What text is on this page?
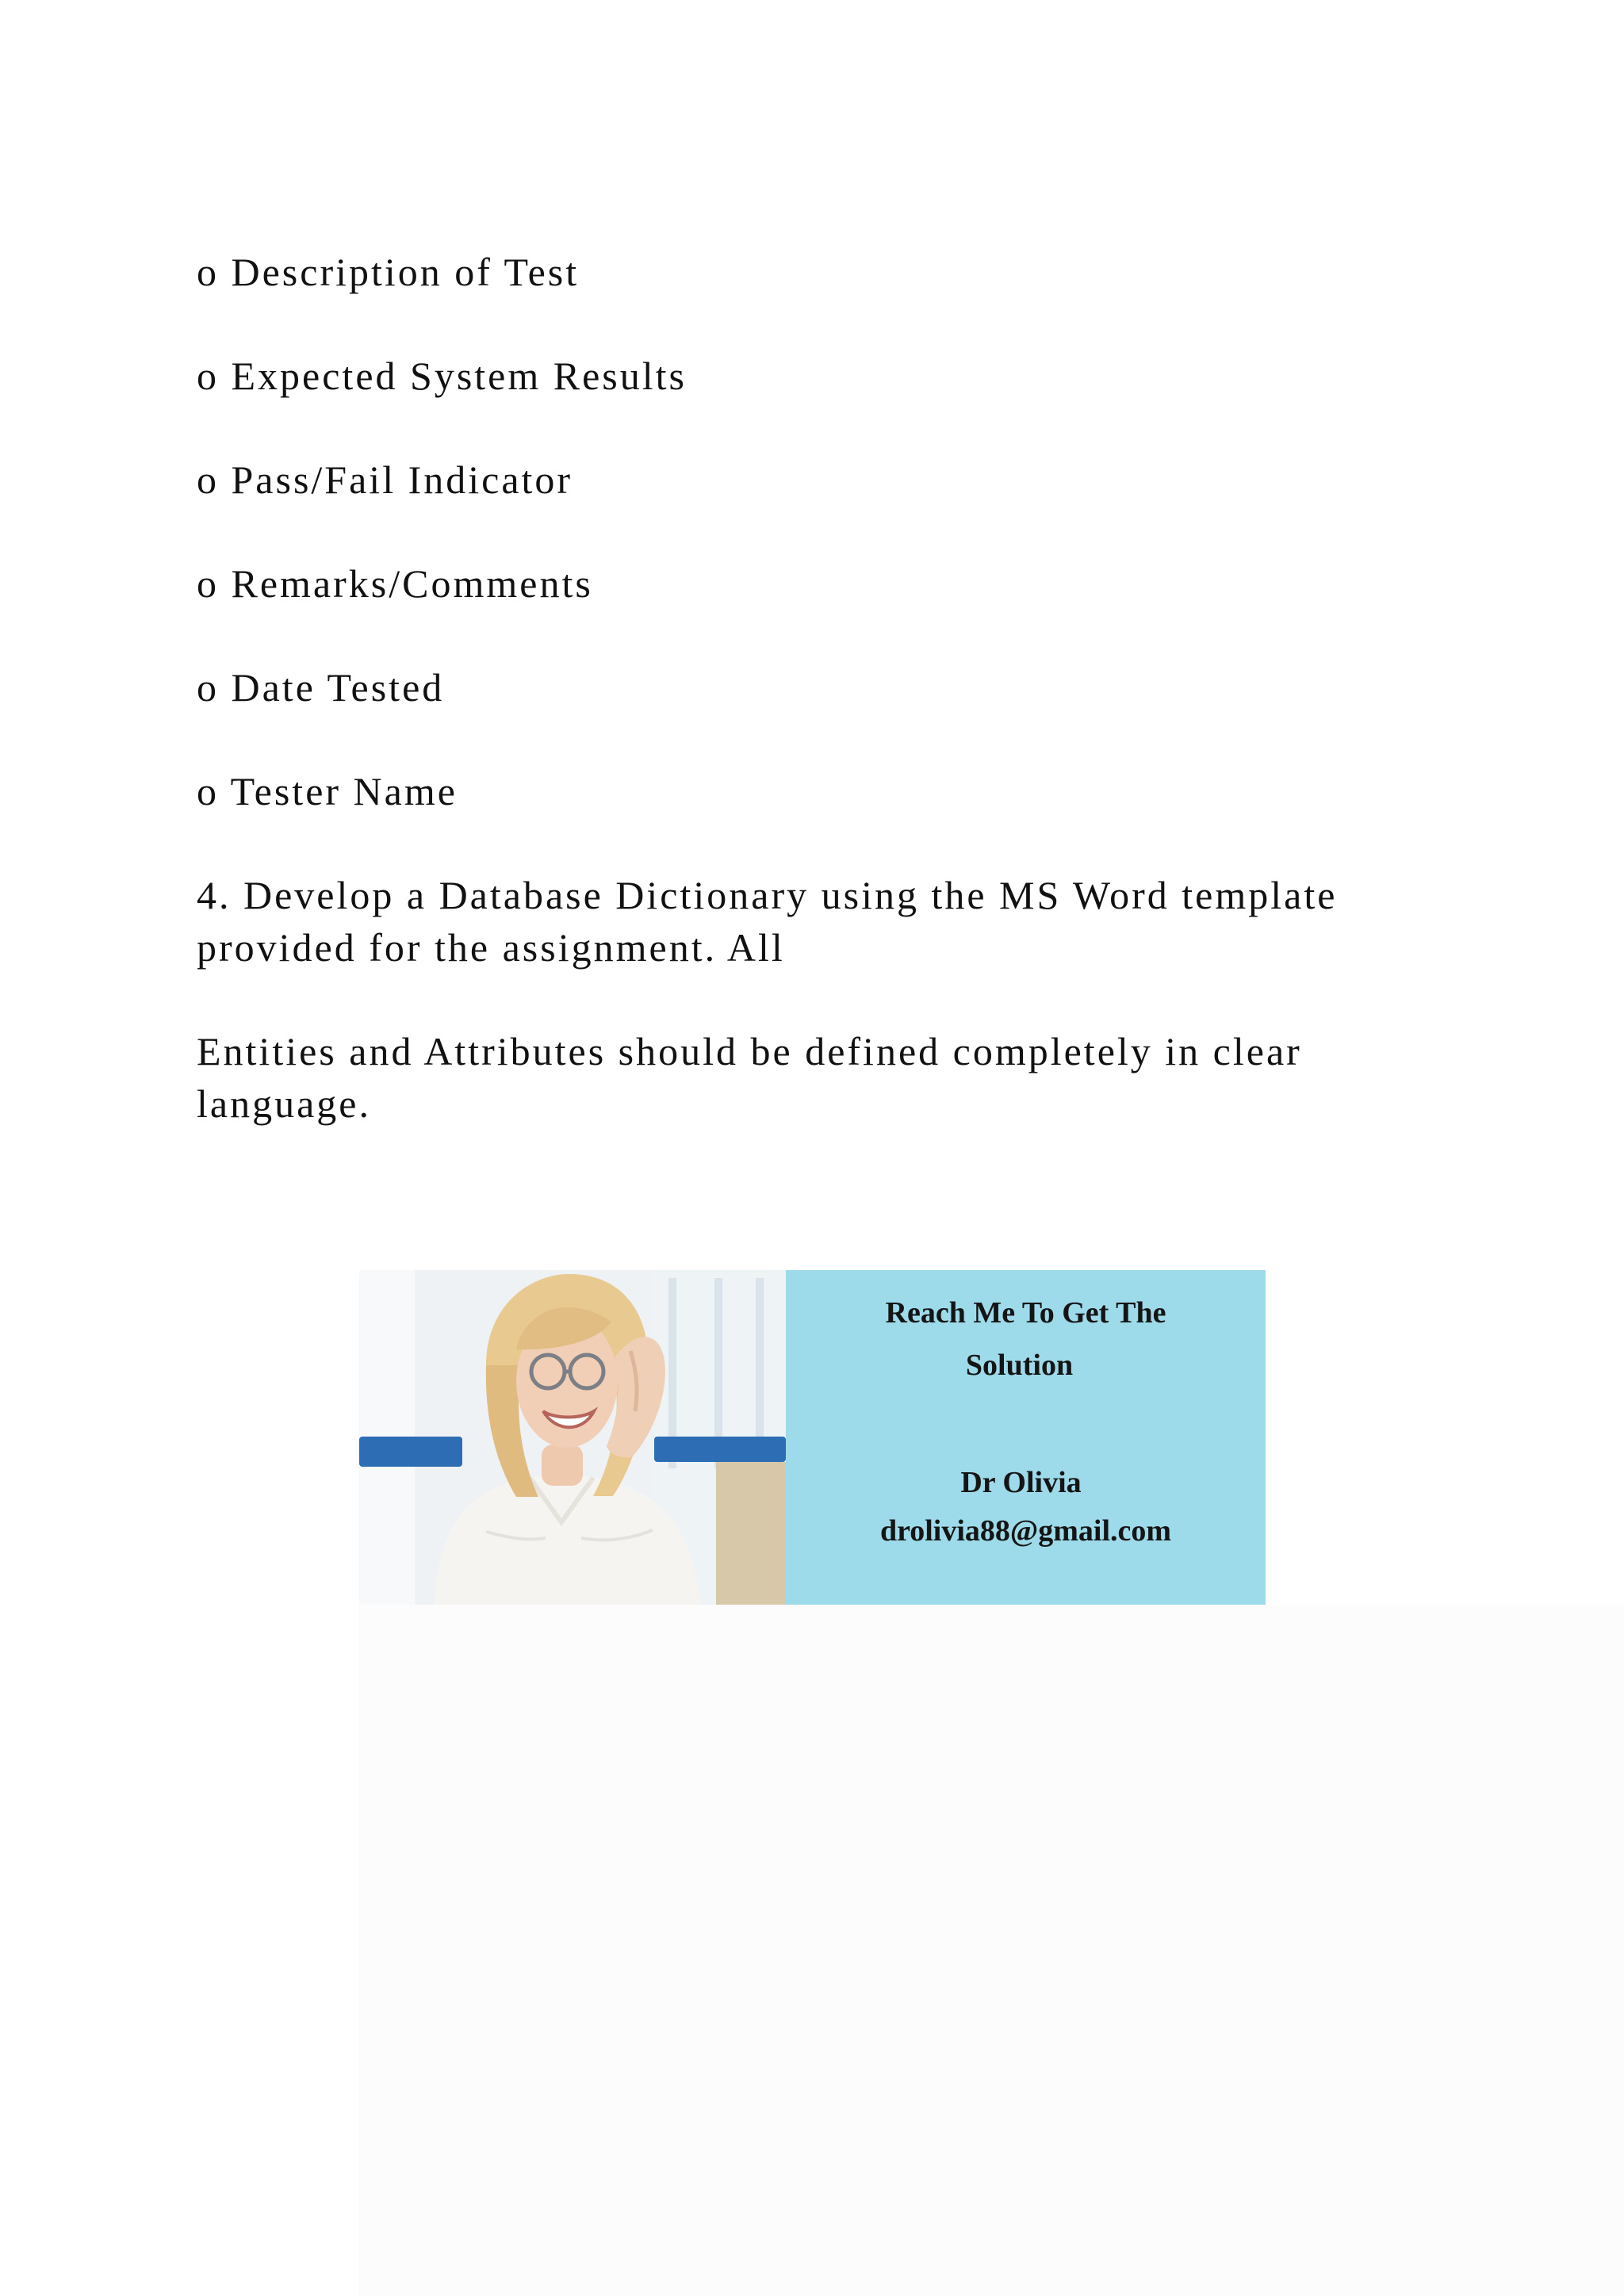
o Description of Test

o Expected System Results

o Pass/Fail Indicator

o Remarks/Comments

o Date Tested

o Tester Name

4. Develop a Database Dictionary using the MS Word template

provided for the assignment. All

Entities and Attributes should be defined completely in clear

language.

Reach Me To Get The
Solution
Dr Olivia
drolivia88@gmail.com
